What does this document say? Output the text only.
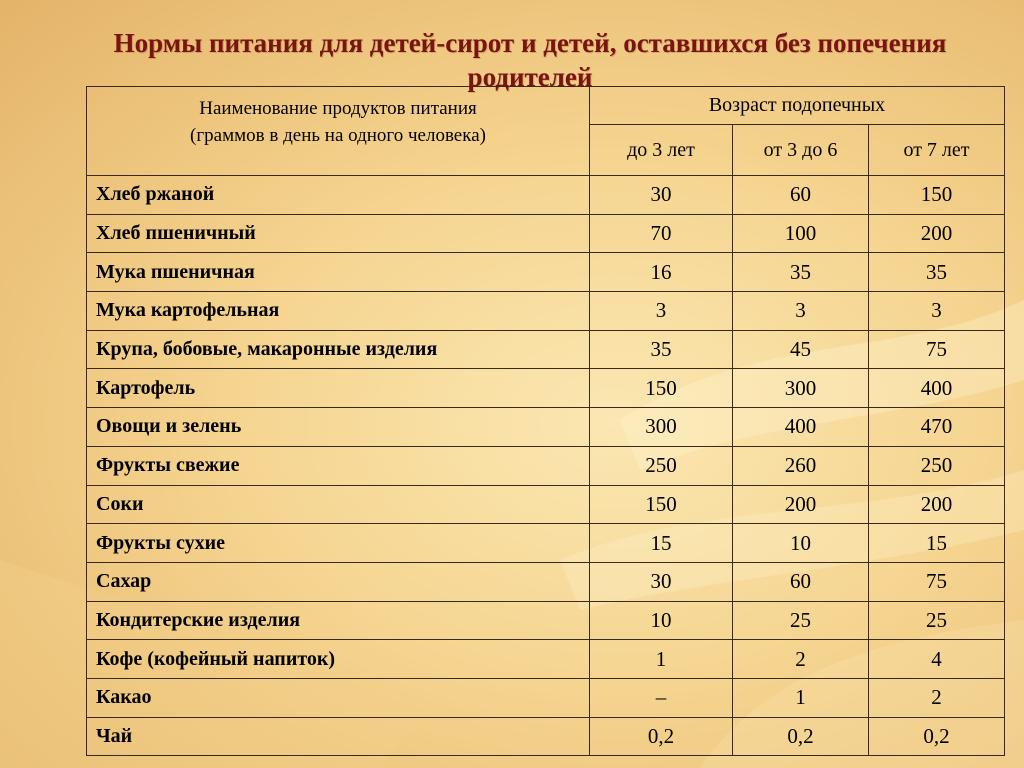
Нормы питания для детей-сирот и детей, оставшихся без попечения родителей
Наименование продуктов питания
(граммов в день на одного человека)	Возраст подопечных		
	до 3 лет	от 3 до 6	от 7 лет
Хлеб ржаной	30	60	150
Хлеб пшеничный	70	100	200
Мука пшеничная	16	35	35
Мука картофельная	3	3	3
Крупа, бобовые, макаронные изделия	35	45	75
Картофель	150	300	400
Овощи и зелень	300	400	470
Фрукты свежие	250	260	250
Соки	150	200	200
Фрукты сухие	15	10	15
Сахар	30	60	75
Кондитерские изделия	10	25	25
Кофе (кофейный напиток)	1	2	4
Какао	–	1	2
Чай	0,2	0,2	0,2
